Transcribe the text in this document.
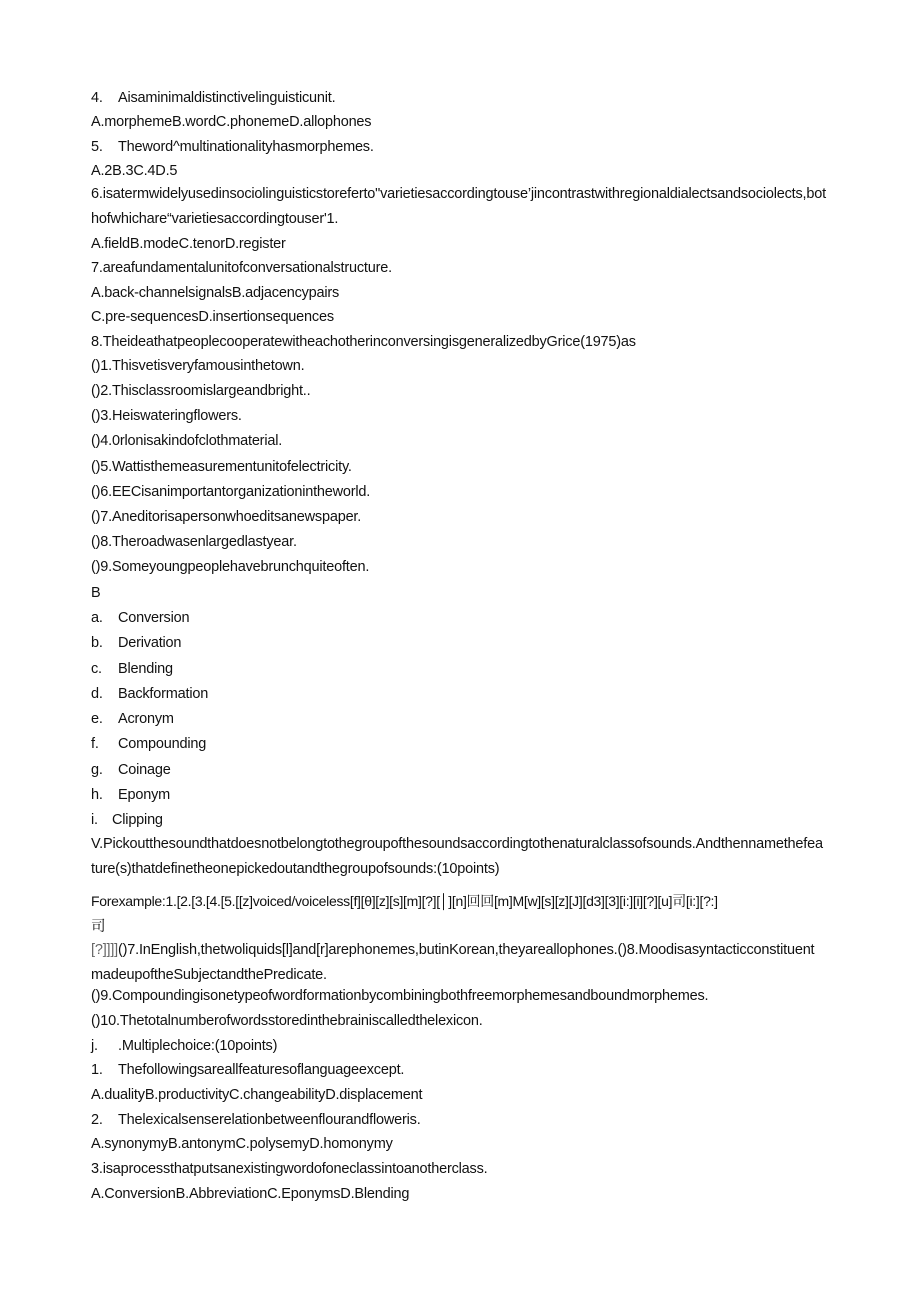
4. Aisaminimaldistinctivelinguisticunit.

A.morphemeB.wordC.phonemeD.allophones

5. Theword^multinationalityhasmorphemes.

A.2B.3C.4D.5

6.isatermwidelyusedinsociolinguisticstoreferto"varietiesaccordingtouse’jincontrastwithregionaldialectsandsociolects,bothofwhichare“varietiesaccordingtouser'1.

A.fieldB.modeC.tenorD.register

7.areafundamentalunitofconversationalstructure.

A.back-channelsignalsB.adjacencypairs

C.pre-sequencesD.insertionsequences

8.TheideathatpeoplecooperatewitheachotherinconversingisgeneralizedbyGrice(1975)as

()1.Thisvetisveryfamousinthetown.

()2.Thisclassroomislargeandbright..

()3.Heiswateringflowers.

()4.0rlonisakindofclothmaterial.

()5.Wattisthemeasurementunitofelectricity.

()6.EECisanimportantorganizationintheworld.

()7.Aneditorisapersonwhoeditsanewspaper.

()8.Theroadwasenlargedlastyear.

()9.Someyoungpeoplehavebrunchquiteoften.

B

a. Conversion

b. Derivation

c. Blending

d. Backformation

e. Acronym

f. Compounding

g. Coinage

h. Eponym

i. Clipping

V.Pickoutthesoundthatdoesnotbelongtothegroupofthesoundsaccordingtothenaturalclassofsounds.Andthennamethefeature(s)thatdefinetheonepickedoutandthegroupofsounds:(10points)

Forexample:1.[2.[3.[4.[5.[[z]voiced/voiceless[f][θ][z][s][m][?][│][n]回回[m]M[w][s][z][J][d3][3][i:][i][?][u]司[i:][?:]

司

[?]]]]()7.InEnglish,thetwoliquids[l]and[r]arephonemes,butinKorean,theyareallophones.()8.MoodisasyntacticconstituentmadeupoftheSubjectandthePredicate.

()9.Compoundingisonetypeofwordformationbycombiningbothfreemorphemesandboundmorphemes.

()10.Thetotalnumberofwordsstoredinthebrainiscalledthelexicon.

j. .Multiplechoice:(10points)

1. Thefollowingsareallfeaturesoflanguageexcept.

A.dualityB.productivityC.changeabilityD.displacement

2. Thelexicalsenserelationbetweenflourandfloweris.

A.synonymyB.antonymC.polysemyD.homonymy

3.isaprocessthatputsanexistingwordofoneclassintoanotherclass.

A.ConversionB.AbbreviationC.EponymsD.Blending
